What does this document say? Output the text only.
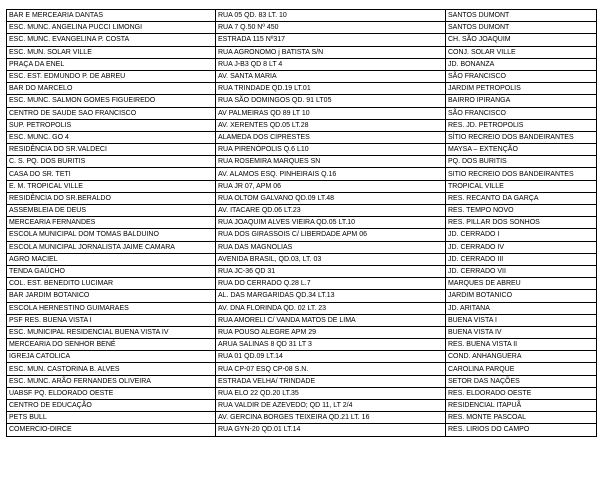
BAR E MERCEARIA DANTAS	RUA 05 QD. 83 LT. 10	SANTOS DUMONT
ESC. MUNC. ANGELINA PUCCI LIMONGI	RUA 7 Q.50 Nº 450	SANTOS DUMONT
ESC. MUNC. EVANGELINA P. COSTA	ESTRADA 115 Nº317	CH. SÃO JOAQUIM
ESC. MUN. SOLAR VILLE	RUA AGRONOMO j BATISTA S/N	CONJ. SOLAR VILLE
PRAÇA DA ENEL	RUA J-B3 QD 8 LT 4	JD. BONANZA
ESC. EST. EDMUNDO P. DE ABREU	AV. SANTA MARIA	SÃO FRANCISCO
BAR DO MARCELO	RUA TRINDADE QD.19 LT.01	JARDIM PETROPOLIS
ESC. MUNC. SALMON GOMES FIGUEIREDO	RUA SÃO DOMINGOS QD. 91 LT05	BAIRRO IPIRANGA
CENTRO DE SAUDE SAO FRANCISCO	AV PALMEIRAS QD 89 LT 10	SÃO FRANCISCO
SUP. PETROPOLIS	AV. XERENTES QD.05 LT.28	RES. JD. PETROPOLIS
ESC. MUNC. GO 4	ALAMEDA DOS CIPRESTES	SÍTIO RECREIO DOS BANDEIRANTES
RESIDÊNCIA DO SR.VALDECI	RUA PIRENÓPOLIS Q.6 L10	MAYSA – EXTENÇÃO
C. S. PQ. DOS BURITIS	RUA ROSEMIRA MARQUES SN	PQ. DOS BURITIS
CASA DO SR. TETI	AV. ALAMOS ESQ. PINHEIRAIS Q.16	SITIO RECREIO DOS BANDEIRANTES
E. M. TROPICAL VILLE	RUA JR 07, APM 06	TROPICAL VILLE
RESIDÊNCIA DO SR.BERALDO	RUA OLTOM GALVANO QD.09 LT.48	RES. RECANTO DA GARÇA
ASSEMBLEIA DE DEUS	AV. ITACARE QD.06 LT.23	RES. TEMPO NOVO
MERCEARIA FERNANDES	RUA JOAQUIM ALVES VIEIRA QD.05 LT.10	RES. PILLAR DOS SONHOS
ESCOLA MUNICIPAL DOM TOMAS BALDUINO	RUA DOS GIRASSOIS C/ LIBERDADE APM 06	JD. CERRADO I
ESCOLA MUNICIPAL JORNALISTA JAIME CAMARA	RUA DAS MAGNOLIAS	JD. CERRADO IV
AGRO MACIEL	AVENIDA BRASIL, QD.03, LT. 03	JD. CERRADO III
TENDA GAÚCHO	RUA JC-36 QD 31	JD. CERRADO VII
COL. EST. BENEDITO LUCIMAR	RUA DO CERRADO Q.28 L.7	MARQUES DE ABREU
BAR JARDIM BOTANICO	AL. DAS MARGARIDAS QD.34 LT.13	JARDIM BOTANICO
ESCOLA HERNESTINO GUIMARAES	AV. DNA FLORINDA QD. 02 LT. 23	JD. ARITANA
PSF RES. BUENA VISTA I	RUA AMORELI C/ VANDA MATOS DE LIMA	BUENA VISTA I
ESC. MUNICIPAL RESIDENCIAL BUENA VISTA IV	RUA POUSO ALEGRE APM 29	BUENA VISTA IV
MERCEARIA DO SENHOR BENÉ	ARUA SALINAS 8 QD 31 LT 3	RES. BUENA VISTA II
IGREJA CATOLICA	RUA 01 QD.09 LT.14	COND. ANHANGUERA
ESC. MUN. CASTORINA B. ALVES	RUA CP-07 ESQ CP-08 S.N.	CAROLINA PARQUE
ESC. MUNC. ARÃO FERNANDES OLIVEIRA	ESTRADA VELHA/ TRINDADE	SETOR DAS NAÇÕES
UABSF PQ. ELDORADO OESTE	RUA ELO 22 QD.20 LT.35	RES. ELDORADO OESTE
CENTRO DE EDUCAÇÃO	RUA VALDIR DE AZEVEDO; QD 11, LT 2/4	RESIDENCIAL ITAPUÃ
PETS BULL	AV. GERCINA BORGES TEIXEIRA QD.21 LT. 16	RES. MONTE PASCOAL
COMERCIO-DIRCE	RUA GYN-20 QD.01 LT.14	RES. LIRIOS DO CAMPO
